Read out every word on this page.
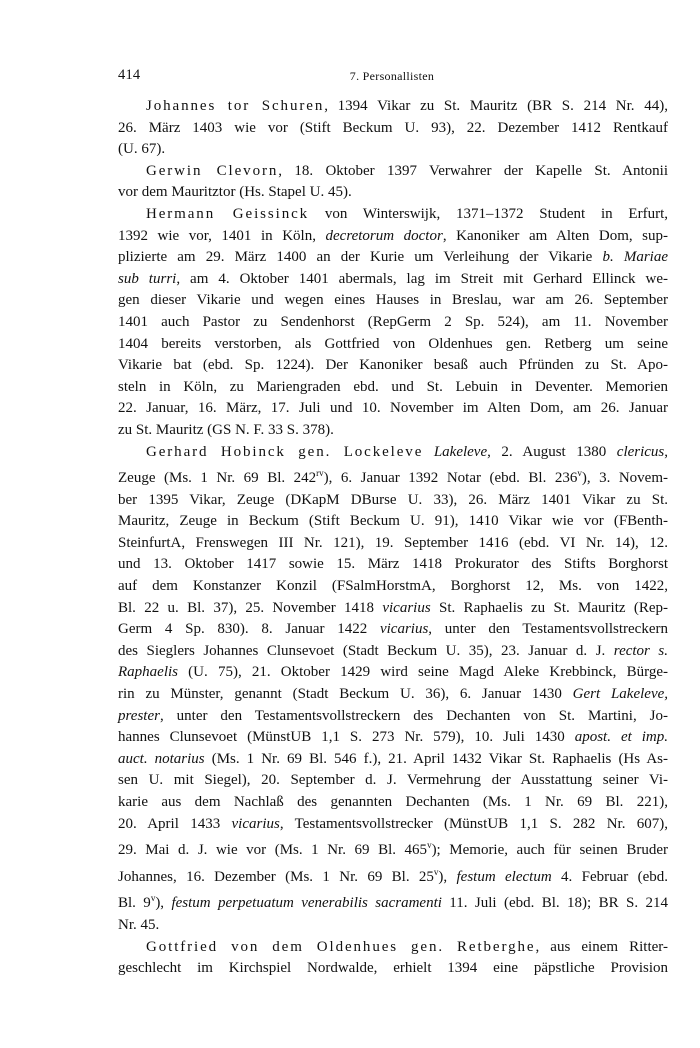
414	7. Personallisten

Johannes tor Schuren, 1394 Vikar zu St. Mauritz (BR S. 214 Nr. 44),
26. März 1403 wie vor (Stift Beckum U. 93), 22. Dezember 1412 Rentkauf
(U. 67).

Gerwin Clevorn, 18. Oktober 1397 Verwahrer der Kapelle St. Antonii
vor dem Mauritztor (Hs. Stapel U. 45).

Hermann Geissinck von Winterswijk, 1371–1372 Student in Erfurt,
1392 wie vor, 1401 in Köln, decretorum doctor, Kanoniker am Alten Dom, sup-
plizierte am 29. März 1400 an der Kurie um Verleihung der Vikarie b. Mariae
sub turri, am 4. Oktober 1401 abermals, lag im Streit mit Gerhard Ellinck we-
gen dieser Vikarie und wegen eines Hauses in Breslau, war am 26. September
1401 auch Pastor zu Sendenhorst (RepGerm 2 Sp. 524), am 11. November
1404 bereits verstorben, als Gottfried von Oldenhues gen. Retberg um seine
Vikarie bat (ebd. Sp. 1224). Der Kanoniker besaß auch Pfründen zu St. Apo-
steln in Köln, zu Mariengraden ebd. und St. Lebuin in Deventer. Memorien
22. Januar, 16. März, 17. Juli und 10. November im Alten Dom, am 26. Januar
zu St. Mauritz (GS N. F. 33 S. 378).

Gerhard Hobinck gen. Lockeleve Lakeleve, 2. August 1380 clericus,
Zeuge (Ms. 1 Nr. 69 Bl. $242^{rv}$), 6. Januar 1392 Notar (ebd. Bl. 236$^v$), 3. Novem-
ber 1395 Vikar, Zeuge (DKapM DBurse U. 33), 26. März 1401 Vikar zu St.
Mauritz, Zeuge in Beckum (Stift Beckum U. 91), 1410 Vikar wie vor (FBenth-
SteinfurtA, Frenswegen III Nr. 121), 19. September 1416 (ebd. VI Nr. 14), 12.
und 13. Oktober 1417 sowie 15. März 1418 Prokurator des Stifts Borghorst
auf dem Konstanzer Konzil (FSalmHorstmA, Borghorst 12, Ms. von 1422,
Bl. 22 u. Bl. 37), 25. November 1418 vicarius St. Raphaelis zu St. Mauritz (Rep-
Germ 4 Sp. 830). 8. Januar 1422 vicarius, unter den Testamentsvollstreckern
des Sieglers Johannes Clunsevoet (Stadt Beckum U. 35), 23. Januar d. J. rector s.
Raphaelis (U. 75), 21. Oktober 1429 wird seine Magd Aleke Krebbinck, Bürge-
rin zu Münster, genannt (Stadt Beckum U. 36), 6. Januar 1430 Gert Lakeleve,
prester, unter den Testamentsvollstreckern des Dechanten von St. Martini, Jo-
hannes Clunsevoet (MünstUB 1,1 S. 273 Nr. 579), 10. Juli 1430 apost. et imp.
auct. notarius (Ms. 1 Nr. 69 Bl. 546 f.), 21. April 1432 Vikar St. Raphaelis (Hs As-
sen U. mit Siegel), 20. September d. J. Vermehrung der Ausstattung seiner Vi-
karie aus dem Nachlaß des genannten Dechanten (Ms. 1 Nr. 69 Bl. 221),
20. April 1433 vicarius, Testamentsvollstrecker (MünstUB 1,1 S. 282 Nr. 607),
29. Mai d. J. wie vor (Ms. 1 Nr. 69 Bl. 465$^v$); Memorie, auch für seinen Bruder
Johannes, 16. Dezember (Ms. 1 Nr. 69 Bl. 25$^v$), festum electum 4. Februar (ebd.
Bl. 9$^v$), festum perpetuatum venerabilis sacramenti 11. Juli (ebd. Bl. 18); BR S. 214
Nr. 45.

Gottfried von dem Oldenhues gen. Retberghe, aus einem Ritter-
geschlecht im Kirchspiel Nordwalde, erhielt 1394 eine päpstliche Provision
